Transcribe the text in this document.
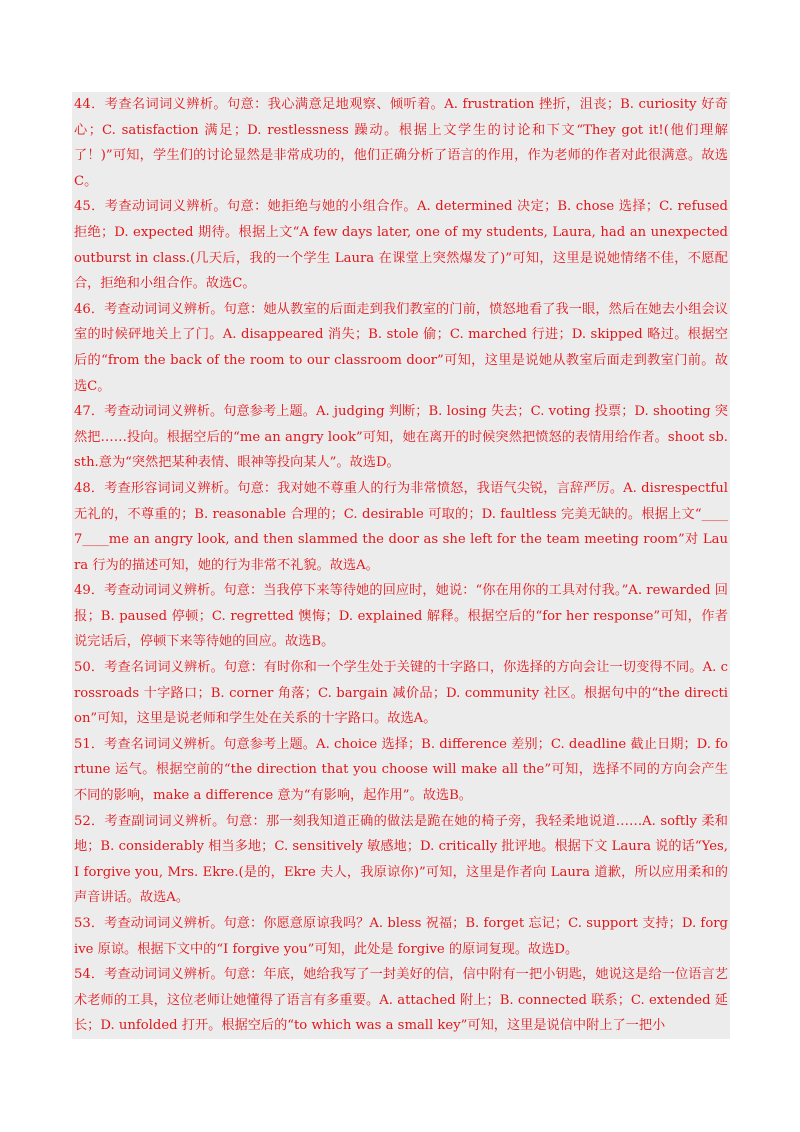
44．考查名词词义辨析。句意：我心满意足地观察、倾听着。A. frustration 挫折，沮丧；B. curiosity 好奇心；C. satisfaction 满足；D. restlessness 躁动。根据上文学生的讨论和下文“They got it!(他们理解了！)”可知，学生们的讨论显然是非常成功的，他们正确分析了语言的作用，作为老师的作者对此很满意。故选C。

45．考查动词词义辨析。句意：她拒绝与她的小组合作。A. determined 决定；B. chose 选择；C. refused 拒绝；D. expected 期待。根据上文“A few days later, one of my students, Laura, had an unexpected outburst in class.(几天后，我的一个学生 Laura 在课堂上突然爆发了)”可知，这里是说她情绪不佳，不愿配合，拒绝和小组合作。故选C。

46．考查动词词义辨析。句意：她从教室的后面走到我们教室的门前，愤怒地看了我一眼，然后在她去小组会议室的时候砰地关上了门。A. disappeared 消失；B. stole 偷；C. marched 行进；D. skipped 略过。根据空后的“from the back of the room to our classroom door”可知，这里是说她从教室后面走到教室门前。故选C。

47．考查动词词义辨析。句意参考上题。A. judging 判断；B. losing 失去；C. voting 投票；D. shooting 突然把……投向。根据空后的“me an angry look”可知，她在离开的时候突然把愤怒的表情用给作者。shoot sb. sth.意为“突然把某种表情、眼神等投向某人”。故选D。

48．考查形容词词义辨析。句意：我对她不尊重人的行为非常愤怒，我语气尖锐，言辞严厉。A. disrespectful 无礼的，不尊重的；B. reasonable 合理的；C. desirable 可取的；D. faultless 完美无缺的。根据上文“____7____me an angry look, and then slammed the door as she left for the team meeting room”对 Laura 行为的描述可知，她的行为非常不礼貌。故选A。

49．考查动词词义辨析。句意：当我停下来等待她的回应时，她说：“你在用你的工具对付我。”A. rewarded 回报；B. paused 停顿；C. regretted 懊悔；D. explained 解释。根据空后的“for her response”可知，作者说完话后，停顿下来等待她的回应。故选B。

50．考查名词词义辨析。句意：有时你和一个学生处于关键的十字路口，你选择的方向会让一切变得不同。A. crossroads 十字路口；B. corner 角落；C. bargain 减价品；D. community 社区。根据句中的“the direction”可知，这里是说老师和学生处在关系的十字路口。故选A。

51．考查名词词义辨析。句意参考上题。A. choice 选择；B. difference 差别；C. deadline 截止日期；D. fortune 运气。根据空前的“the direction that you choose will make all the”可知，选择不同的方向会产生不同的影响，make a difference 意为“有影响，起作用”。故选B。

52．考查副词词义辨析。句意：那一刻我知道正确的做法是跪在她的椅子旁，我轻柔地说道……A. softly 柔和地；B. considerably 相当多地；C. sensitively 敏感地；D. critically 批评地。根据下文 Laura 说的话“Yes, I forgive you, Mrs. Ekre.(是的，Ekre 夫人，我原谅你)”可知，这里是作者向 Laura 道歉，所以应用柔和的声音讲话。故选A。

53．考查动词词义辨析。句意：你愿意原谅我吗？A. bless 祝福；B. forget 忘记；C. support 支持；D. forgive 原谅。根据下文中的“I forgive you”可知，此处是 forgive 的原词复现。故选D。

54．考查动词词义辨析。句意：年底，她给我写了一封美好的信，信中附有一把小钥匙，她说这是给一位语言艺术老师的工具，这位老师让她懂得了语言有多重要。A. attached 附上；B. connected 联系；C. extended 延长；D. unfolded 打开。根据空后的“to which was a small key”可知，这里是说信中附上了一把小
